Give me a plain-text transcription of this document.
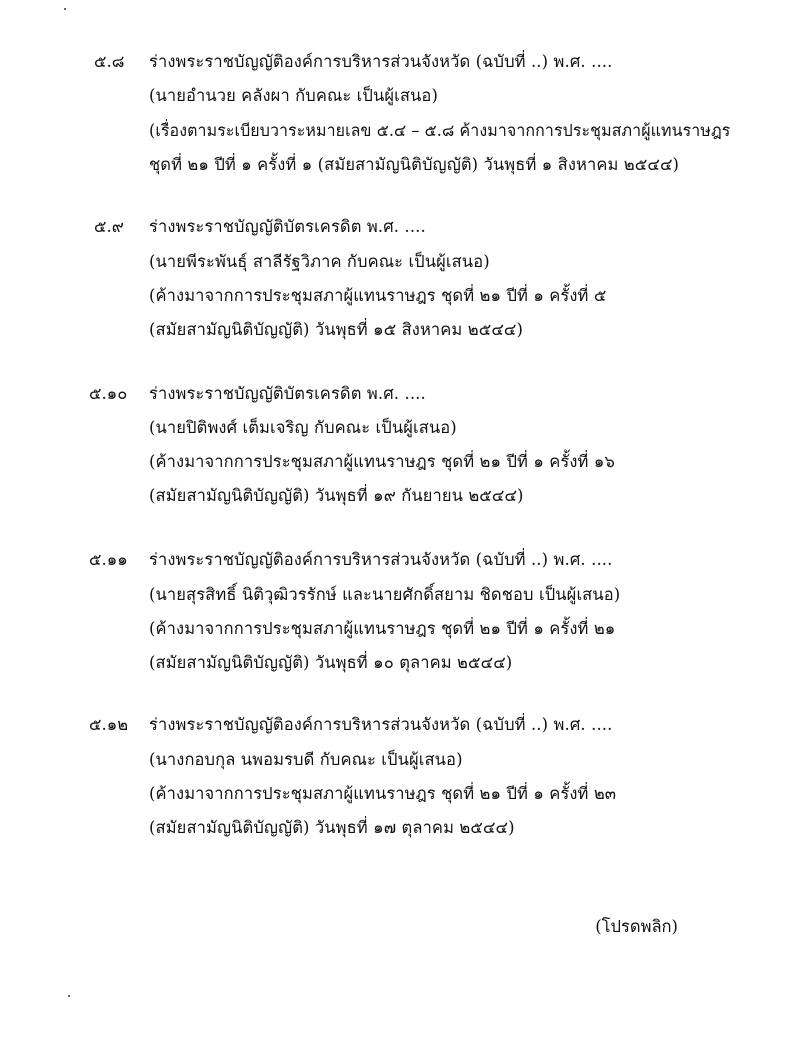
๕.๘ ร่างพระราชบัญญัติองค์การบริหารส่วนจังหวัด (ฉบับที่ ..) พ.ศ. ....
(นายอำนวย คลังผา กับคณะ เป็นผู้เสนอ)
(เรื่องตามระเบียบวาระหมายเลข ๕.๔ – ๕.๘ ค้างมาจากการประชุมสภาผู้แทนราษฎร
ชุดที่ ๒๑ ปีที่ ๑ ครั้งที่ ๑ (สมัยสามัญนิติบัญญัติ) วันพุธที่ ๑ สิงหาคม ๒๕๔๔)
๕.๙ ร่างพระราชบัญญัติบัตรเครดิต พ.ศ. ....
(นายพีระพันธุ์ สาลีรัฐวิภาค กับคณะ เป็นผู้เสนอ)
(ค้างมาจากการประชุมสภาผู้แทนราษฎร ชุดที่ ๒๑ ปีที่ ๑ ครั้งที่ ๕
(สมัยสามัญนิติบัญญัติ) วันพุธที่ ๑๕ สิงหาคม ๒๕๔๔)
๕.๑๐ ร่างพระราชบัญญัติบัตรเครดิต พ.ศ. ....
(นายปิติพงศ์ เต็มเจริญ กับคณะ เป็นผู้เสนอ)
(ค้างมาจากการประชุมสภาผู้แทนราษฎร ชุดที่ ๒๑ ปีที่ ๑ ครั้งที่ ๑๖
(สมัยสามัญนิติบัญญัติ) วันพุธที่ ๑๙ กันยายน ๒๕๔๔)
๕.๑๑ ร่างพระราชบัญญัติองค์การบริหารส่วนจังหวัด (ฉบับที่ ..) พ.ศ. ....
(นายสุรสิทธิ์ นิติวุฒิวรรักษ์ และนายศักดิ์สยาม ชิดชอบ เป็นผู้เสนอ)
(ค้างมาจากการประชุมสภาผู้แทนราษฎร ชุดที่ ๒๑ ปีที่ ๑ ครั้งที่ ๒๑
(สมัยสามัญนิติบัญญัติ) วันพุธที่ ๑๐ ตุลาคม ๒๕๔๔)
๕.๑๒ ร่างพระราชบัญญัติองค์การบริหารส่วนจังหวัด (ฉบับที่ ..) พ.ศ. ....
(นางกอบกุล นพอมรบดี กับคณะ เป็นผู้เสนอ)
(ค้างมาจากการประชุมสภาผู้แทนราษฎร ชุดที่ ๒๑ ปีที่ ๑ ครั้งที่ ๒๓
(สมัยสามัญนิติบัญญัติ) วันพุธที่ ๑๗ ตุลาคม ๒๕๔๔)
(โปรดพลิก)
